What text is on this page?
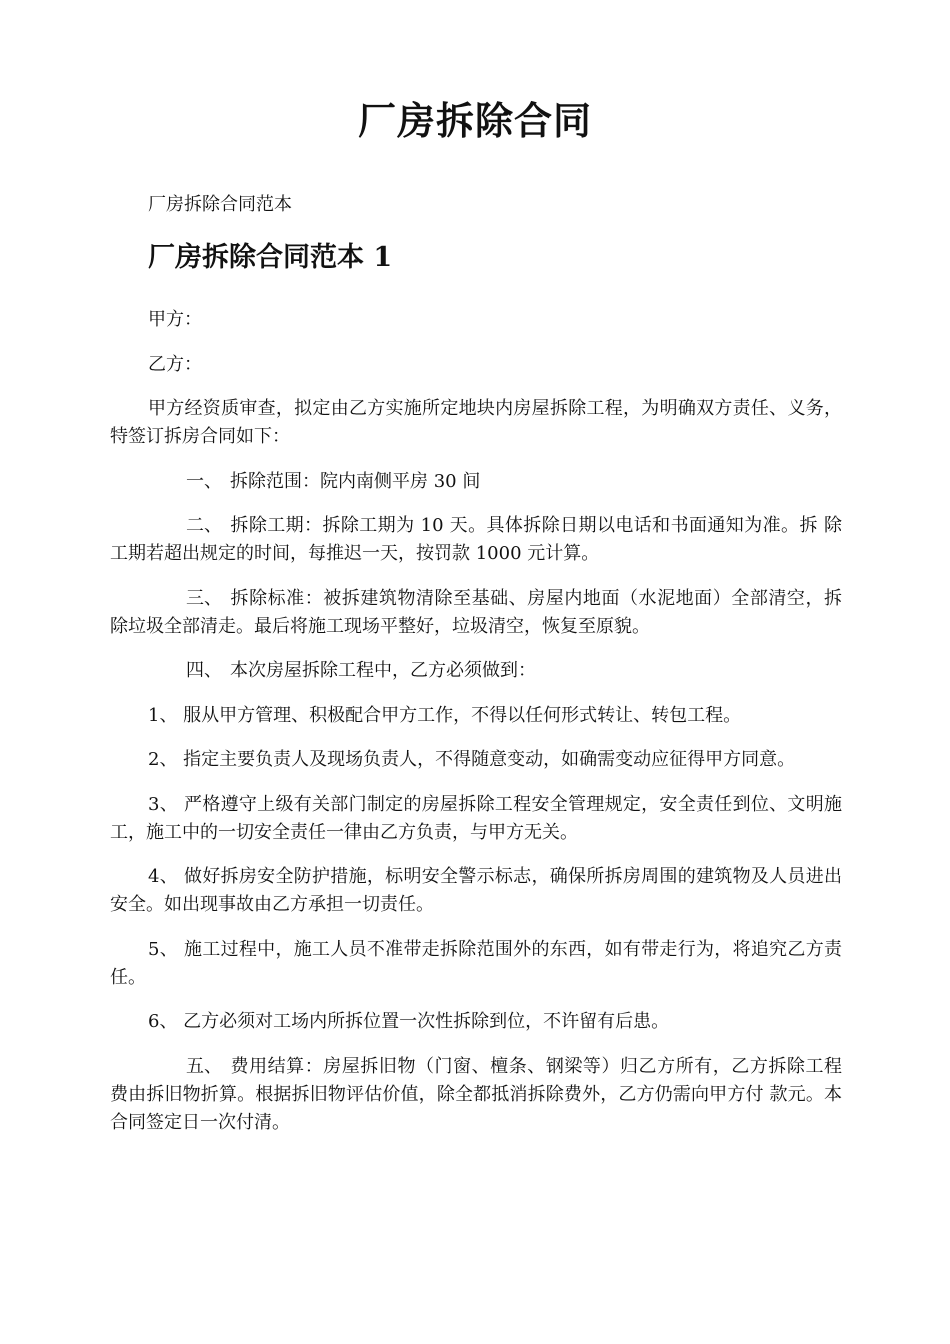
厂房拆除合同
厂房拆除合同范本
厂房拆除合同范本 1

甲方：

乙方：

甲方经资质审查，拟定由乙方实施所定地块内房屋拆除工程，为明确双方责任、义务，特签订拆房合同如下：

一、 拆除范围：院内南侧平房 30 间

二、 拆除工期：拆除工期为 10 天。具体拆除日期以电话和书面通知为准。拆 除工期若超出规定的时间，每推迟一天，按罚款 1000 元计算。

三、 拆除标准：被拆建筑物清除至基础、房屋内地面（水泥地面）全部清空，拆 除垃圾全部清走。最后将施工现场平整好，垃圾清空，恢复至原貌。

四、 本次房屋拆除工程中，乙方必须做到：

1、 服从甲方管理、积极配合甲方工作，不得以任何形式转让、转包工程。

2、 指定主要负责人及现场负责人，不得随意变动，如确需变动应征得甲方同意。

3、 严格遵守上级有关部门制定的房屋拆除工程安全管理规定，安全责任到位、文明施工，施工中的一切安全责任一律由乙方负责，与甲方无关。

4、 做好拆房安全防护措施，标明安全警示标志，确保所拆房周围的建筑物及人员进出安全。如出现事故由乙方承担一切责任。

5、 施工过程中，施工人员不准带走拆除范围外的东西，如有带走行为，将追究乙方责任。

6、 乙方必须对工场内所拆位置一次性拆除到位，不许留有后患。

五、 费用结算：房屋拆旧物（门窗、檀条、钢梁等）归乙方所有，乙方拆除工程 费由拆旧物折算。根据拆旧物评估价值，除全都抵消拆除费外，乙方仍需向甲方付 款元。本合同签定日一次付清。
